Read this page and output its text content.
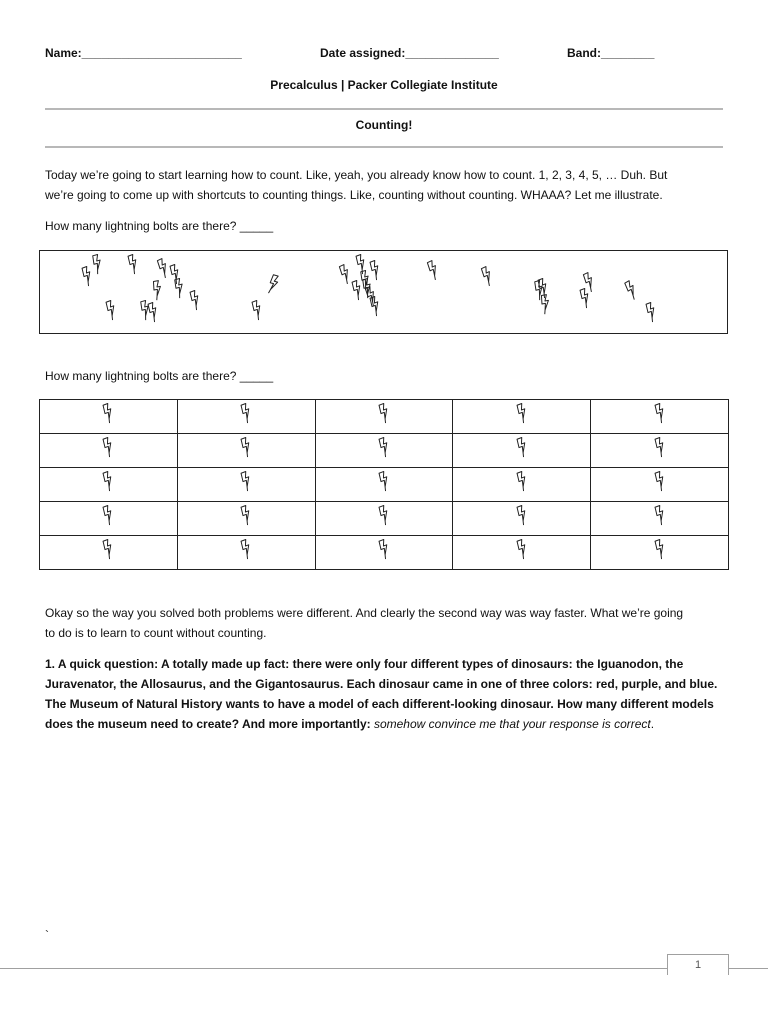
Name:________________________	Date assigned:______________	Band:________
Precalculus | Packer Collegiate Institute
Counting!
Today we’re going to start learning how to count. Like, yeah, you already know how to count. 1, 2, 3, 4, 5, … Duh. But
we’re going to come up with shortcuts to counting things. Like, counting without counting. WHAAA? Let me illustrate.
How many lightning bolts are there? _____
How many lightning bolts are there? _____

Okay so the way you solved both problems were different. And clearly the second way was way faster. What we’re going
to do is to learn to count without counting.
1. A quick question: A totally made up fact: there were only four different types of dinosaurs: the Iguanodon, the
Juravenator, the Allosaurus, and the Gigantosaurus. Each dinosaur came in one of three colors: red, purple, and blue.
The Museum of Natural History wants to have a model of each different-looking dinosaur. How many different models
does the museum need to create? And more importantly: somehow convince me that your response is correct.
`
1
